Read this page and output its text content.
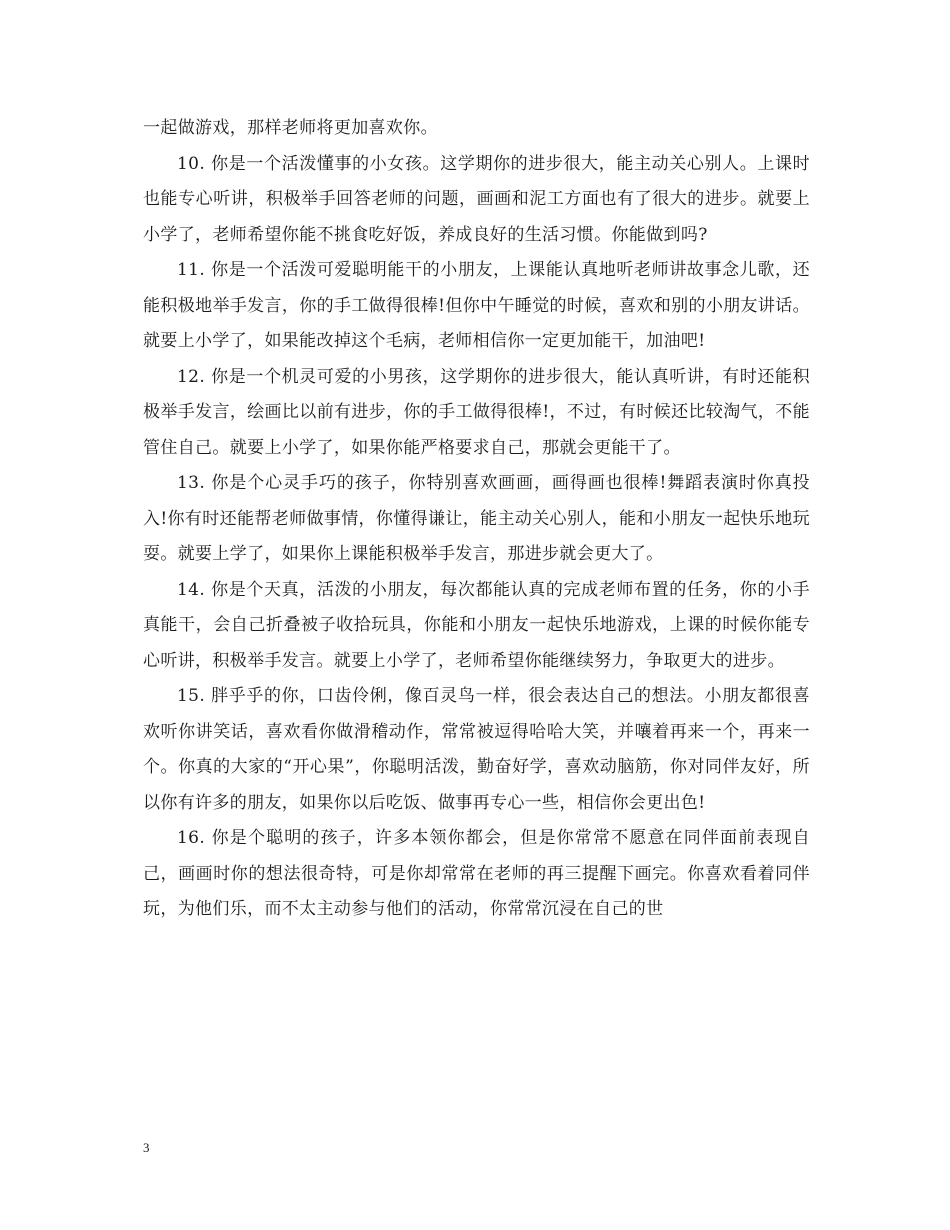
一起做游戏，那样老师将更加喜欢你。

10. 你是一个活泼懂事的小女孩。这学期你的进步很大，能主动关心别人。上课时也能专心听讲，积极举手回答老师的问题，画画和泥工方面也有了很大的进步。就要上小学了，老师希望你能不挑食吃好饭，养成良好的生活习惯。你能做到吗?

11. 你是一个活泼可爱聪明能干的小朋友，上课能认真地听老师讲故事念儿歌，还能积极地举手发言，你的手工做得很棒!但你中午睡觉的时候，喜欢和别的小朋友讲话。就要上小学了，如果能改掉这个毛病，老师相信你一定更加能干，加油吧!

12. 你是一个机灵可爱的小男孩，这学期你的进步很大，能认真听讲，有时还能积极举手发言，绘画比以前有进步，你的手工做得很棒!，不过，有时候还比较淘气，不能管住自己。就要上小学了，如果你能严格要求自己，那就会更能干了。

13. 你是个心灵手巧的孩子，你特别喜欢画画，画得画也很棒!舞蹈表演时你真投入!你有时还能帮老师做事情，你懂得谦让，能主动关心别人，能和小朋友一起快乐地玩耍。就要上学了，如果你上课能积极举手发言，那进步就会更大了。

14. 你是个天真，活泼的小朋友，每次都能认真的完成老师布置的任务，你的小手真能干，会自己折叠被子收拾玩具，你能和小朋友一起快乐地游戏，上课的时候你能专心听讲，积极举手发言。就要上小学了，老师希望你能继续努力，争取更大的进步。

15. 胖乎乎的你，口齿伶俐，像百灵鸟一样，很会表达自己的想法。小朋友都很喜欢听你讲笑话，喜欢看你做滑稽动作，常常被逗得哈哈大笑，并嚷着再来一个，再来一个。你真的大家的“开心果”，你聪明活泼，勤奋好学，喜欢动脑筋，你对同伴友好，所以你有许多的朋友，如果你以后吃饭、做事再专心一些，相信你会更出色!

16. 你是个聪明的孩子，许多本领你都会，但是你常常不愿意在同伴面前表现自己，画画时你的想法很奇特，可是你却常常在老师的再三提醒下画完。你喜欢看着同伴玩，为他们乐，而不太主动参与他们的活动，你常常沉浸在自己的世

3
